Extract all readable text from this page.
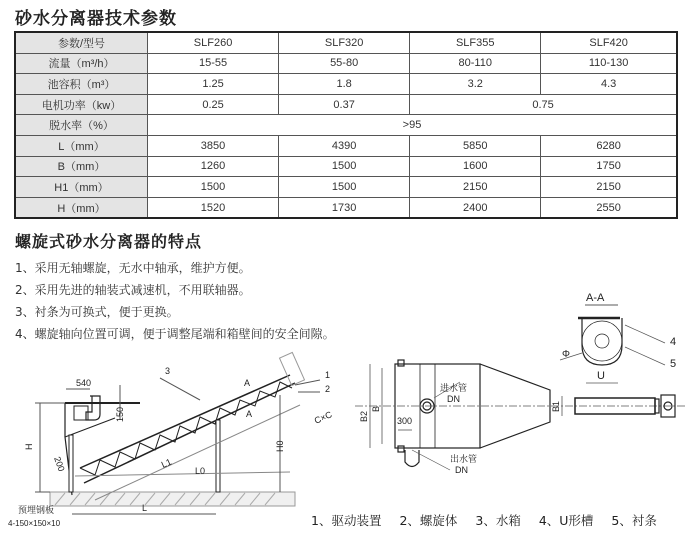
砂水分离器技术参数
参数/型号	SLF260	SLF320	SLF355	SLF420
流量（m³/h）	15-55	55-80	80-110	110-130
池容积（m³）	1.25	1.8	3.2	4.3
电机功率（kw）	0.25	0.37	0.75	
脱水率（%）	>95			
L（mm）	3850	4390	5850	6280
B（mm）	1260	1500	1600	1750
H1（mm）	1500	1500	2150	2150
H（mm）	1520	1730	2400	2550
螺旋式砂水分离器的特点
1、采用无轴螺旋，无水中轴承，维护方便。
2、采用先进的轴装式减速机，不用联轴器。
3、衬条为可换式，便于更换。
4、螺旋轴向位置可调，便于调整尾端和箱壁间的安全间隙。
540
150
H
200
L
L0
L1
H0
C×C
3	1
2
A
A
预埋钢板
4-150×150×10
B2
B	B1
300
进水管
DN
出水管
DN
A-A
Φ
U
4
5
1、驱动装置 2、螺旋体 3、水箱 4、U形槽 5、衬条
